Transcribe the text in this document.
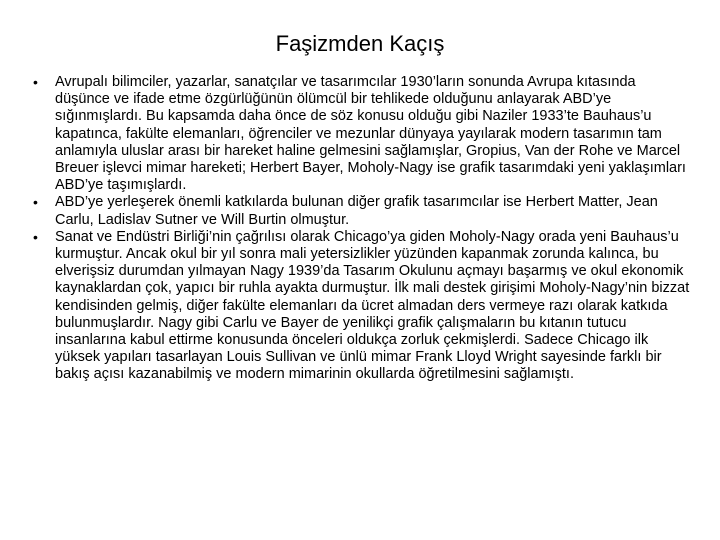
Faşizmden Kaçış
• Avrupalı bilimciler, yazarlar, sanatçılar ve tasarımcılar 1930’ların sonunda Avrupa kıtasında düşünce ve ifade etme özgürlüğünün ölümcül bir tehlikede olduğunu anlayarak ABD’ye sığınmışlardı. Bu kapsamda daha önce de söz konusu olduğu gibi Naziler 1933’te Bauhaus’u kapatınca, fakülte elemanları, öğrenciler ve mezunlar dünyaya yayılarak modern tasarımın tam anlamıyla uluslar arası bir hareket haline gelmesini sağlamışlar, Gropius, Van der Rohe ve Marcel Breuer işlevci mimar hareketi; Herbert Bayer, Moholy-Nagy ise grafik tasarımdaki yeni yaklaşımları ABD’ye taşımışlardı.
• ABD’ye yerleşerek önemli katkılarda bulunan diğer grafik tasarımcılar ise Herbert Matter, Jean Carlu, Ladislav Sutner ve Will Burtin olmuştur.
• Sanat ve Endüstri Birliği’nin çağrılısı olarak Chicago’ya giden Moholy-Nagy orada yeni Bauhaus’u kurmuştur. Ancak okul bir yıl sonra mali yetersizlikler yüzünden kapanmak zorunda kalınca, bu elverişsiz durumdan yılmayan Nagy 1939’da Tasarım Okulunu açmayı başarmış ve okul ekonomik kaynaklardan çok, yapıcı bir ruhla ayakta durmuştur. İlk mali destek girişimi Moholy-Nagy’nin bizzat kendisinden gelmiş, diğer fakülte elemanları da ücret almadan ders vermeye razı olarak katkıda bulunmuşlardır. Nagy gibi Carlu ve Bayer de yenilikçi grafik çalışmaların bu kıtanın tutucu insanlarına kabul ettirme konusunda önceleri oldukça zorluk çekmişlerdi. Sadece Chicago ilk yüksek yapıları tasarlayan Louis Sullivan ve ünlü mimar Frank Lloyd Wright sayesinde farklı bir bakış açısı kazanabilmiş ve modern mimarinin okullarda öğretilmesini sağlamıştı.
